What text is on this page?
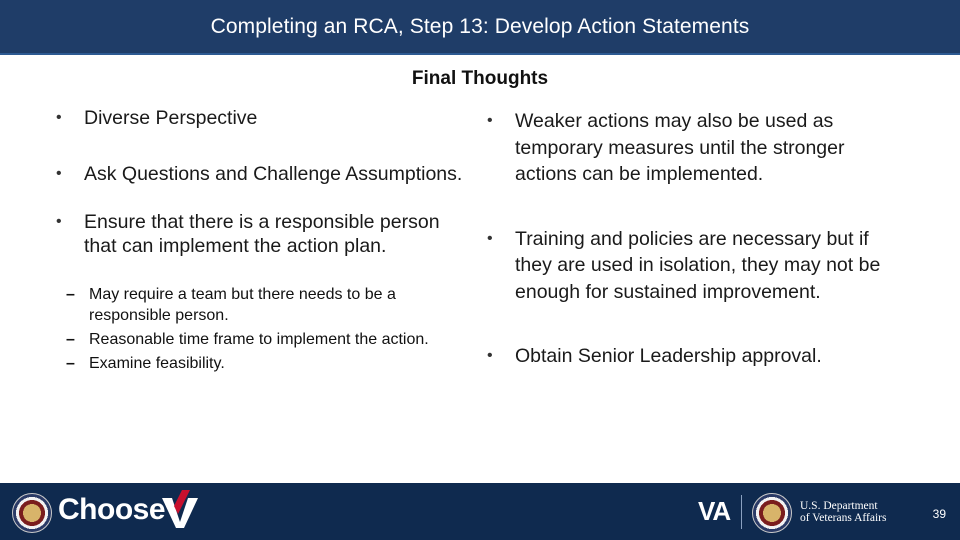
Completing an RCA, Step 13: Develop Action Statements
Final Thoughts
• Diverse Perspective
• Ask Questions and Challenge Assumptions.
• Ensure that there is a responsible person that can implement the action plan.
– May require a team but there needs to be a responsible person.
– Reasonable time frame to implement the action.
– Examine feasibility.
• Weaker actions may also be used as temporary measures until the stronger actions can be implemented.
• Training and policies are necessary but if they are used in isolation, they may not be enough for sustained improvement.
• Obtain Senior Leadership approval.
Choose	VA	U.S. Department
of Veterans Affairs	39
